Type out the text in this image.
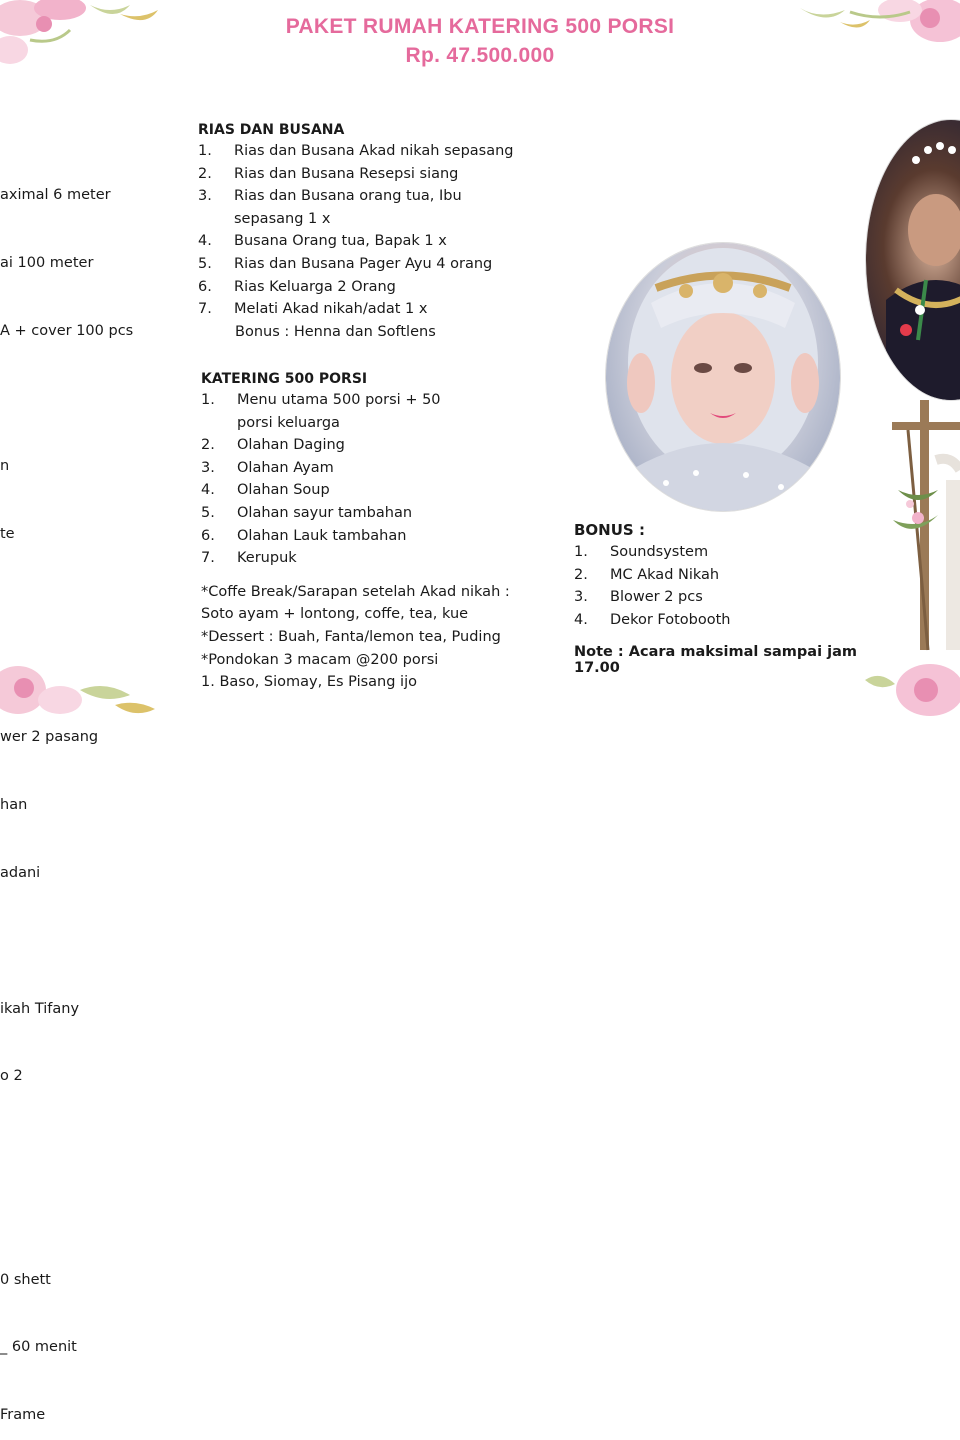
PAKET RUMAH KATERING 500 PORSI
Rp. 47.500.000

aximal 6 meter

ai 100 meter

A + cover 100 pcs

n

te

wer 2 pasang

han

adani

ikah Tifany

o 2

0 shett

_ 60 menit

Frame

RIAS DAN BUSANA
1.	Rias dan Busana Akad nikah sepasang
2.	Rias dan Busana Resepsi siang
3.	Rias dan Busana orang tua, Ibu sepasang 1 x
4.	Busana Orang tua, Bapak 1 x
5.	Rias dan Busana Pager Ayu 4 orang
6.	Rias Keluarga 2 Orang
7.	Melati Akad nikah/adat 1 x
Bonus : Henna dan Softlens
KATERING 500 PORSI
1.	Menu utama 500 porsi + 50 porsi keluarga
2.	Olahan Daging
3.	Olahan Ayam
4.	Olahan Soup
5.	Olahan sayur tambahan
6.	Olahan Lauk tambahan
7.	Kerupuk
*Coffe Break/Sarapan setelah Akad nikah :
Soto ayam + lontong, coffe, tea, kue
*Dessert : Buah, Fanta/lemon tea, Puding
*Pondokan 3 macam @200 porsi
1. Baso, Siomay, Es Pisang ijo
BONUS :
1.	Soundsystem
2.	MC Akad Nikah
3.	Blower 2 pcs
4.	Dekor Fotobooth
Note : Acara maksimal sampai jam 17.00
